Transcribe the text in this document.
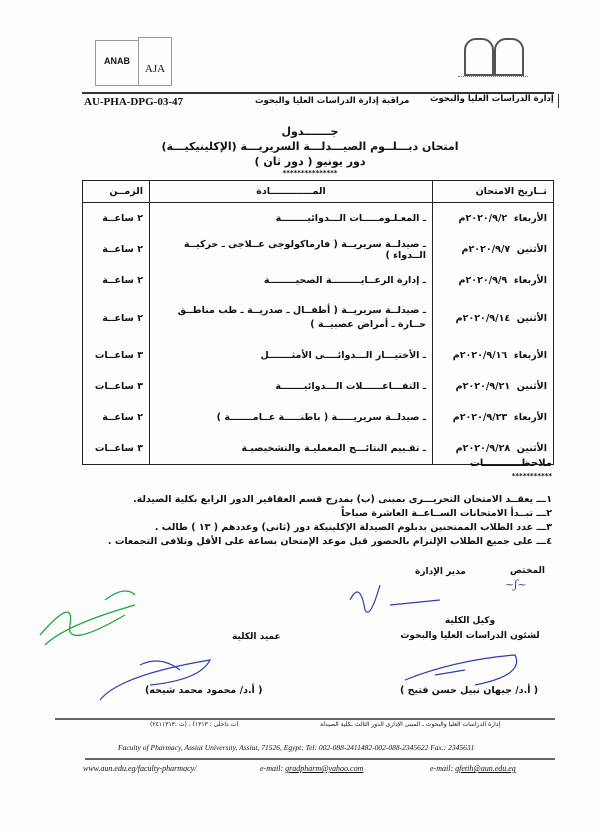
ANAB
AJA
AU-PHA-DPG-03-47	مراقبة إدارة الدراسات العليا والبحوث إدارة الدراسات العليا والبحوث
جـــــــدول
امتحان دبـــلــوم الصيـــدلـــة السريريـــة (الإكلينيكيـــة)
دور يونيو ( دور ثان )
***************
تــاريخ الامتحان	المـــــــــــــادة	الزمــن
الأربعاء  ٢٠٢٠/٩/٢م	ـ المعـلـومـــــات الـــدوائيــــــــة	٢ ساعــة
الأثنين  ٢٠٢٠/٩/٧م	ـ صيدلــة سريريــة ( فارماكولوجى عــلاجى ـ حركيــة الــدواء )	٢ ساعــة
الأربعاء  ٢٠٢٠/٩/٩م	ـ إدارة الرعــايـــــــــة الصحيــــــــة	٢ ساعــة
الأثنين  ٢٠٢٠/٩/١٤م	ـ صيدلــة سريريــة ( أطفــال ـ صدريــة ـ طب مناطــق حــارة ـ أمراض عصبيــة )	٢ ساعــة
الأربعاء  ٢٠٢٠/٩/١٦م	ـ الأختيـــار الـــدوائــــى الأمثـــــــل	٣ ساعــات
الأثنين  ٢٠٢٠/٩/٢١م	ـ التفـــاعــــــلات الـــدوائيـــــــة	٣ ساعــات
الأربعاء  ٢٠٢٠/٩/٢٣م	ـ صيدلــة سريريـــــة ( باطنـــــة عــامـــــــة )	٢ ساعــة
الأثنين  ٢٠٢٠/٩/٢٨م	ـ تقـييم النتائـــج المعمليـة والتشخيصيـة	٣ ساعــات
ملاحظـــــــــــات
***********
١ـــ يعقــد الامتحان التحريـــرى بمبنى (ب) بمدرج قسم العقاقير الدور الرابع بكلية الصيدلة.
٢ـــ تبــدأ الامتحانات الســاعــة العاشرة صباحاً
٣ـــ عدد الطلاب الممتحنين بدبلوم الصيدلة الإكلينيكة دور (ثانى) وعددهم ( ١٣ ) طالب .
٤ـــ على جميع الطلاب الإلتزام بالحضور قبل موعد الإمتحان بساعة على الأقل وتلافى التجمعات .
المختص
~ʃ~
مدير الإدارة
وكيل الكلية
لشئون الدراسات العليا والبحوث
( أ.د/ جيهان نبيل حسن فتيح )
عميد الكلية
( أ.د/ محمود محمد شيحه)
إدارة الدراسات العليا والبحوث ـ المبنى الإدارى الدور الثالث ـكلية الصيدلة
(ت داخلى : ١٣١٣) ، (ت :٢٤١١٣١٣)
Faculty of Pharmacy, Assiut University, Assiut, 71526, Egypt; Tel: 002-088-2411482-002-088-2345622 Fax.: 2345631
www.aun.edu.eg/faculty-pharmacy/	e-mail: gradpharm@yahoo.com	e-mail: gfetih@aun.edu.eg
